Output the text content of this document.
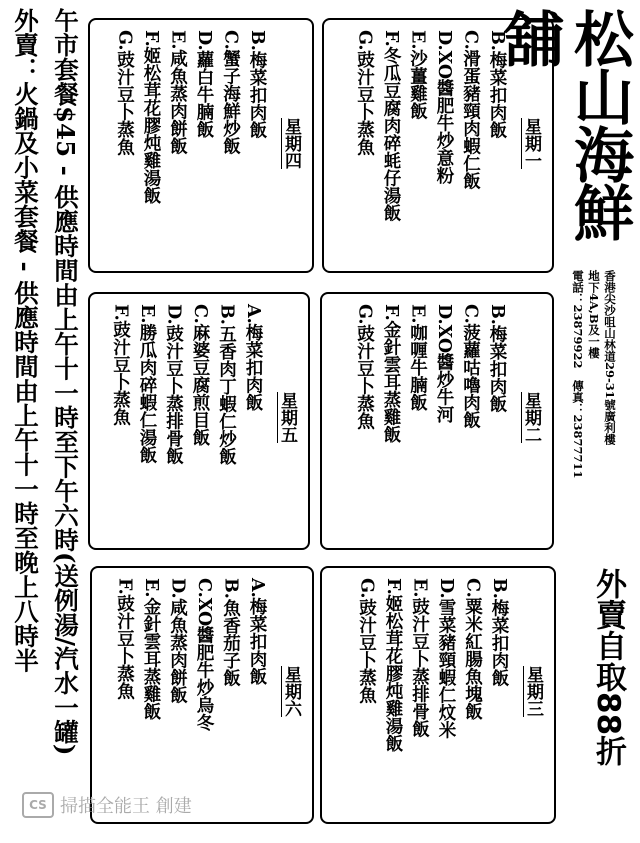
松山海鮮舖
香港尖沙咀山林道29-31號廣利樓
地下4A,B及一樓
電話：23879922　傳真：23877711
外賣自取88折
星期一
B.梅菜扣肉飯
C.滑蛋豬頸肉蝦仁飯
D.XO醬肥牛炒意粉
E.沙薑雞飯
F.冬瓜豆腐肉碎蚝仔湯飯
G.豉汁豆卜蒸魚
星期四
B.梅菜扣肉飯
C.蟹子海鮮炒飯
D.蘿白牛腩飯
E.咸魚蒸肉餅飯
F.姬松茸花膠炖雞湯飯
G.豉汁豆卜蒸魚
星期二
B.梅菜扣肉飯
C.菠蘿咕嚕肉飯
D.XO醬炒牛河
E.咖喱牛腩飯
F.金針雲耳蒸雞飯
G.豉汁豆卜蒸魚
星期五
A.梅菜扣肉飯
B.五香肉丁蝦仁炒飯
C.麻婆豆腐煎目飯
D.豉汁豆卜蒸排骨飯
E.勝瓜肉碎蝦仁湯飯
F.豉汁豆卜蒸魚
星期三
B.梅菜扣肉飯
C.粟米紅腸魚塊飯
D.雪菜豬頸蝦仁炆米
E.豉汁豆卜蒸排骨飯
F.姬松茸花膠炖雞湯飯
G.豉汁豆卜蒸魚
星期六
A.梅菜扣肉飯
B.魚香茄子飯
C.XO醬肥牛炒烏冬
D.咸魚蒸肉餅飯
E.金針雲耳蒸雞飯
F.豉汁豆卜蒸魚
午市套餐$45 - 供應時間由上午十一時至下午六時(送例湯/汽水一罐)
外賣：火鍋及小菜套餐 - 供應時間由上午十一時至晚上八時半
CS 掃描全能王 創建
